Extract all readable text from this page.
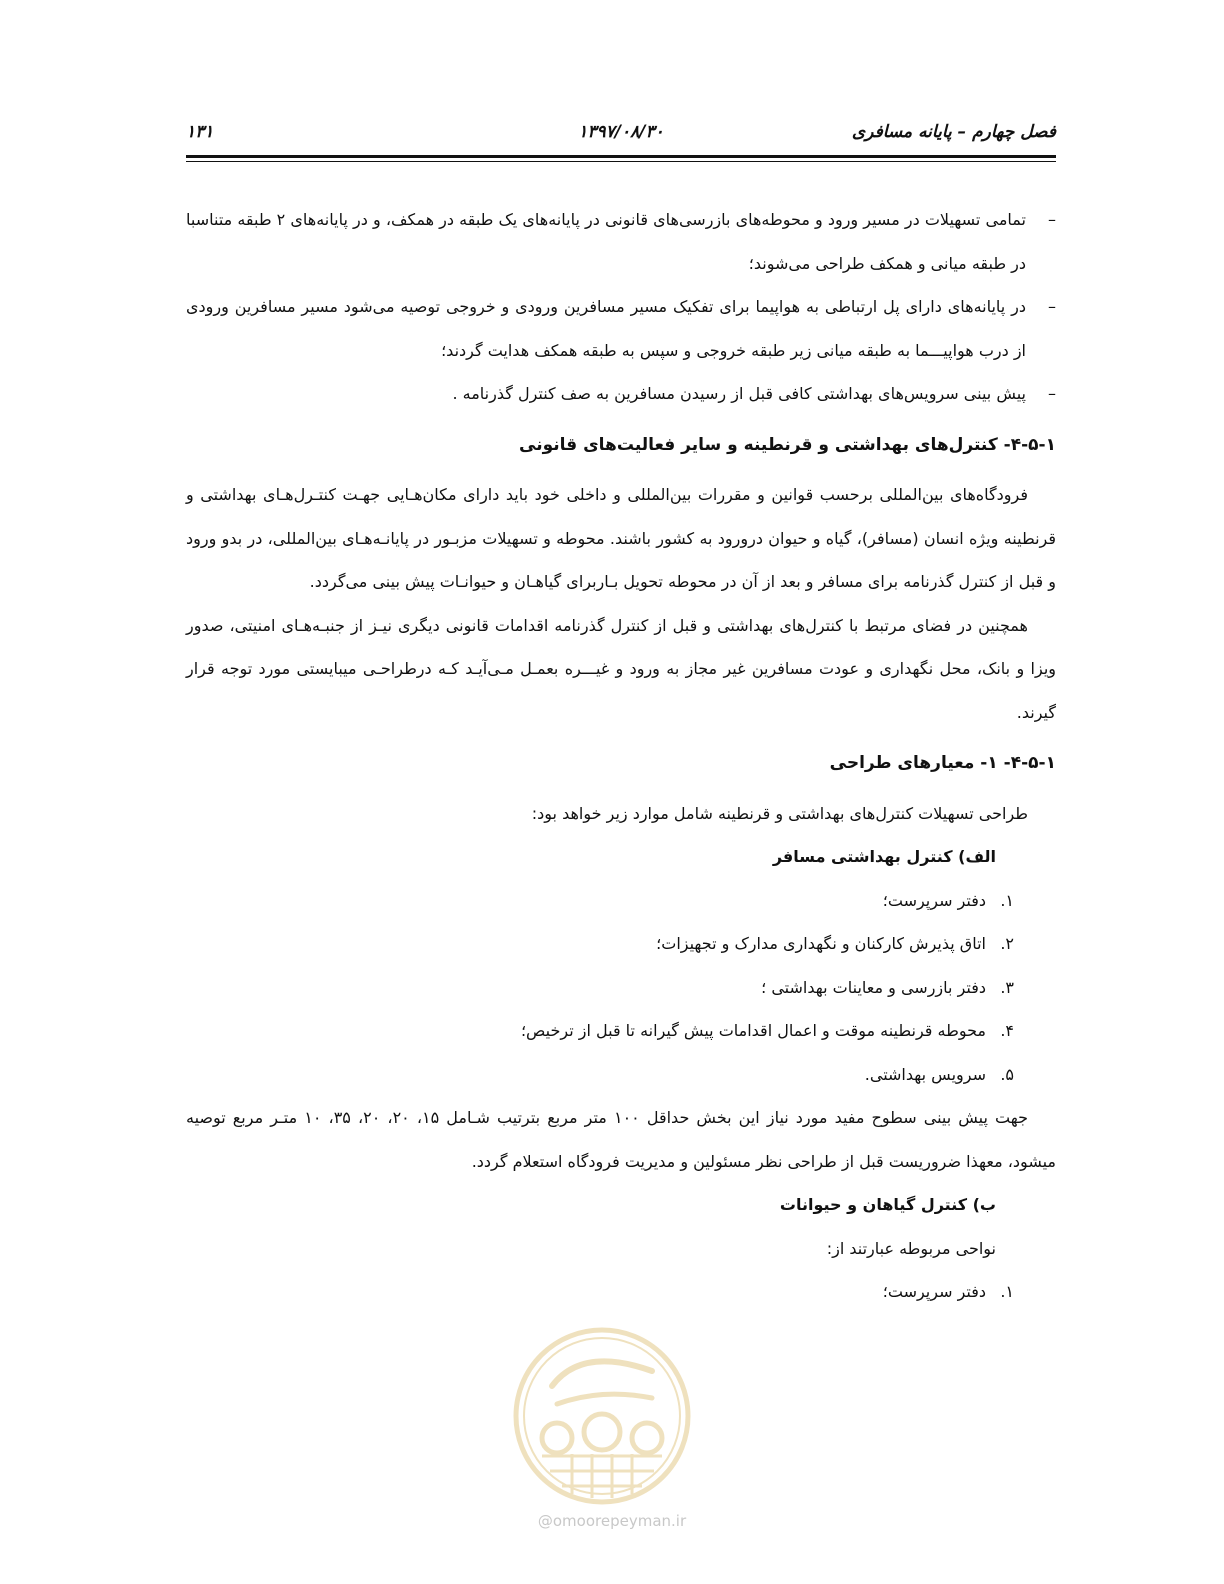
فصل چهارم – پایانه مسافری
۱۳۹۷/۰۸/۳۰
۱۳۱
– تمامی تسهیلات در مسیر ورود و محوطه‌های بازرسی‌های قانونی در پایانه‌های یک طبقه در همکف، و در پایانه‌های ۲ طبقه متناسبا در طبقه میانی و همکف طراحی می‌شوند؛
– در پایانه‌های دارای پل ارتباطی به هواپیما برای تفکیک مسیر مسافرین ورودی و خروجی توصیه می‌شود مسیر مسافرین ورودی از درب هواپیـــما به طبقه میانی زیر طبقه خروجی و سپس به طبقه همکف هدایت گردند؛
– پیش بینی سرویس‌های بهداشتی کافی قبل از رسیدن مسافرین به صف کنترل گذرنامه .

۴-۵-۱- کنترل‌های بهداشتی و قرنطینه و سایر فعالیت‌های قانونی

فرودگاه‌های بین‌المللی برحسب قوانین و مقررات بین‌المللی و داخلی خود باید دارای مکان‌هـایی جهـت کنتـرل‌هـای بهداشتی و قرنطینه ویژه انسان (مسافر)، گیاه و حیوان درورود به کشور باشند. محوطه و تسهیلات مزبـور در پایانـه‌هـای بین‌المللی، در بدو ورود و قبل از کنترل گذرنامه برای مسافر و بعد از آن در محوطه تحویل بـاربرای گیاهـان و حیوانـات پیش بینی می‌گردد.

همچنین در فضای مرتبط با کنترل‌های بهداشتی و قبل از کنترل گذرنامه اقدامات قانونی دیگری نیـز از جنبـه‌هـای امنیتی، صدور ویزا و بانک، محل نگهداری و عودت مسافرین غیر مجاز به ورود و غیـــره بعمـل مـی‌آیـد کـه درطراحـی میبایستی مورد توجه قرار گیرند.

۴-۵-۱- ۱- معیارهای طراحی

طراحی تسهیلات کنترل‌های بهداشتی و قرنطینه شامل موارد زیر خواهد بود:

الف) کنترل بهداشتی مسافر

۱.
دفتر سرپرست؛
۲.
اتاق پذیرش کارکنان و نگهداری مدارک و تجهیزات؛
۳.
دفتر بازرسی و معاینات بهداشتی ؛
۴.
محوطه قرنطینه موقت و اعمال اقدامات پیش گیرانه تا قبل از ترخیص؛
۵.
سرویس بهداشتی.

جهت پیش بینی سطوح مفید مورد نیاز این بخش حداقل ۱۰۰ متر مربع بترتیب شـامل ۱۵، ۲۰، ۲۰، ۳۵، ۱۰ متـر مربع توصیه میشود، معهذا ضروریست قبل از طراحی نظر مسئولین و مدیریت فرودگاه استعلام گردد.

ب) کنترل گیاهان و حیوانات

نواحی مربوطه عبارتند از:

۱.
دفتر سرپرست؛
@omoorepeyman.ir
